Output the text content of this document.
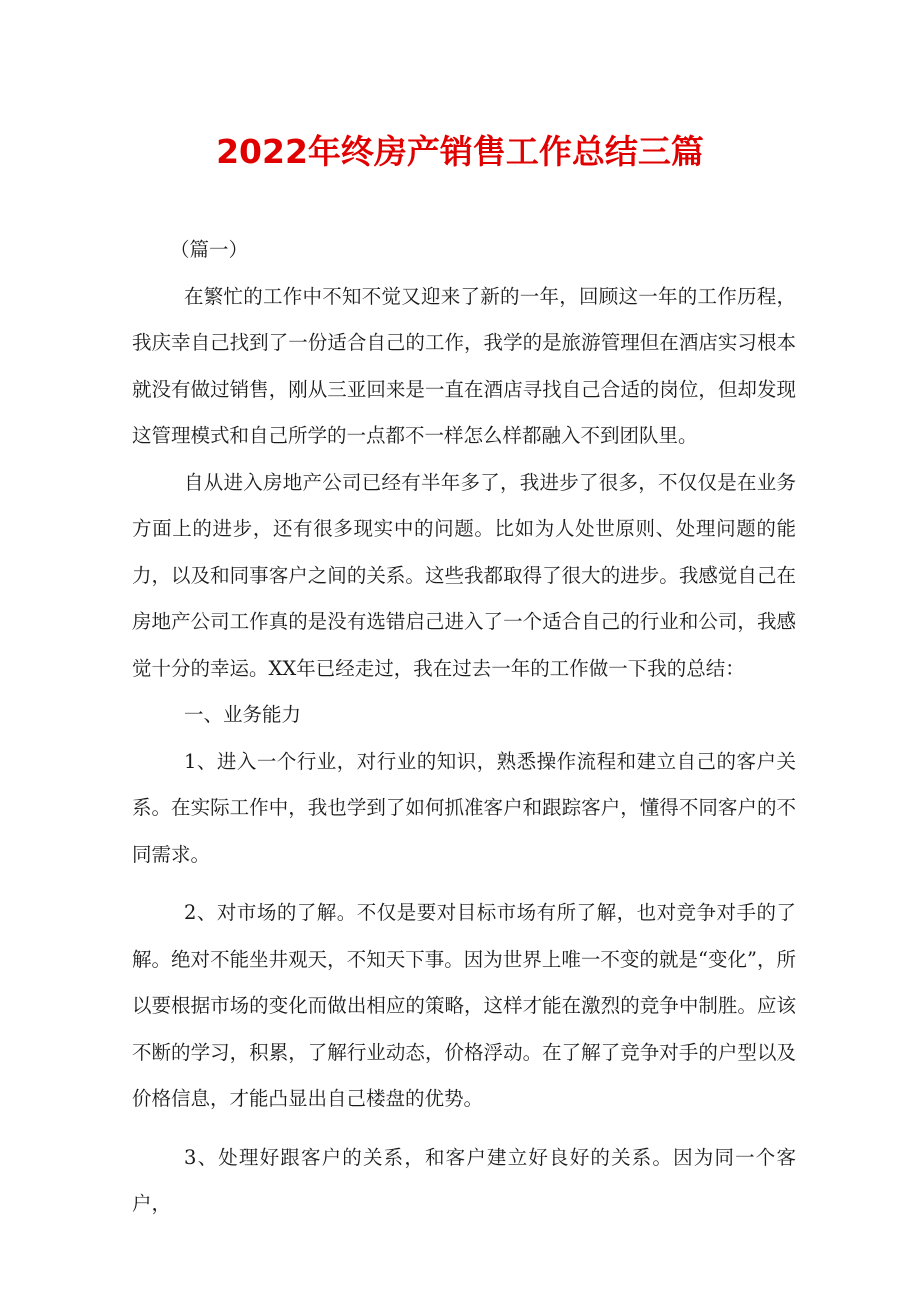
2022年终房产销售工作总结三篇

（篇一）

在繁忙的工作中不知不觉又迎来了新的一年，回顾这一年的工作历程，我庆幸自己找到了一份适合自己的工作，我学的是旅游管理但在酒店实习根本就没有做过销售，刚从三亚回来是一直在酒店寻找自己合适的岗位，但却发现这管理模式和自己所学的一点都不一样怎么样都融入不到团队里。

自从进入房地产公司已经有半年多了，我进步了很多，不仅仅是在业务方面上的进步，还有很多现实中的问题。比如为人处世原则、处理问题的能力，以及和同事客户之间的关系。这些我都取得了很大的进步。我感觉自己在房地产公司工作真的是没有选错启己进入了一个适合自己的行业和公司，我感觉十分的幸运。XX年已经走过，我在过去一年的工作做一下我的总结：

一、业务能力

1、进入一个行业，对行业的知识，熟悉操作流程和建立自己的客户关系。在实际工作中，我也学到了如何抓准客户和跟踪客户，懂得不同客户的不同需求。

2、对市场的了解。不仅是要对目标市场有所了解，也对竞争对手的了解。绝对不能坐井观天，不知天下事。因为世界上唯一不变的就是“变化”，所以要根据市场的变化而做出相应的策略，这样才能在激烈的竞争中制胜。应该不断的学习，积累，了解行业动态，价格浮动。在了解了竞争对手的户型以及价格信息，才能凸显出自己楼盘的优势。

3、处理好跟客户的关系，和客户建立好良好的关系。因为同一个客户，
